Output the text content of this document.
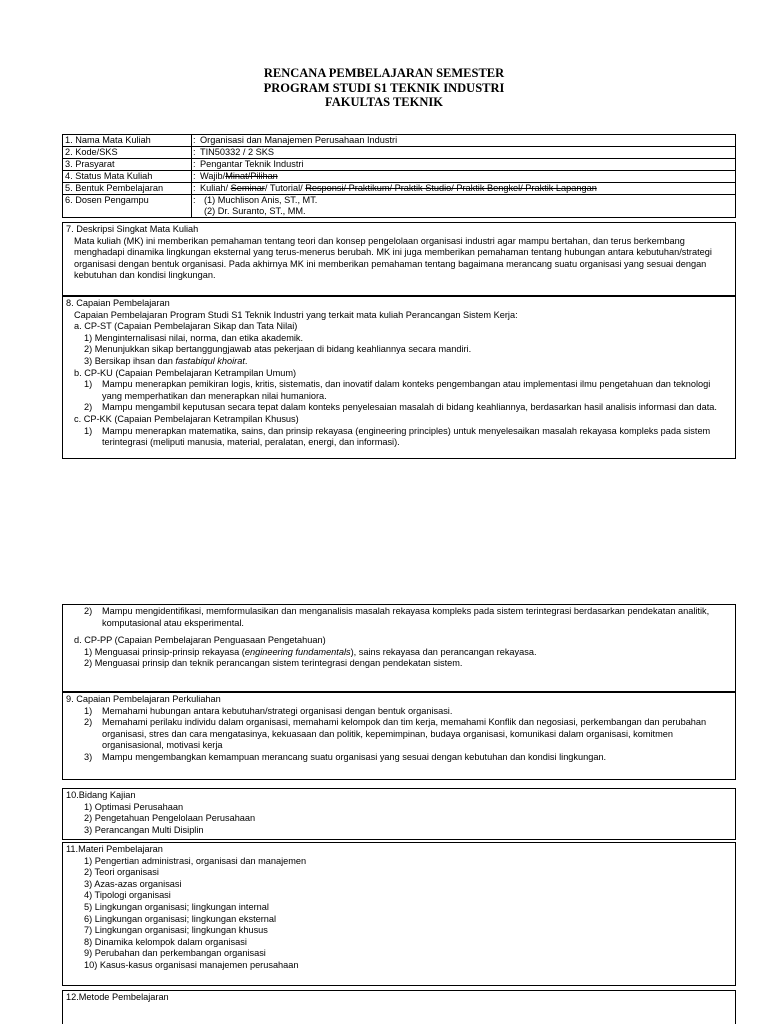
RENCANA PEMBELAJARAN SEMESTER
PROGRAM STUDI S1 TEKNIK INDUSTRI
FAKULTAS TEKNIK
1. Nama Mata Kuliah	:	Organisasi dan Manajemen Perusahaan Industri
2. Kode/SKS	:	TIN50332 / 2 SKS
3. Prasyarat	:	Pengantar Teknik Industri
4. Status Mata Kuliah	:	Wajib/Minat/Pilihan
5. Bentuk Pembelajaran	:	Kuliah/ Seminar/ Tutorial/ Responsi/ Praktikum/ Praktik Studio/ Praktik Bengkel/ Praktik Lapangan
6. Dosen Pengampu	:	(1) Muchlison Anis, ST., MT.
(2) Dr. Suranto, ST., MM.
7. Deskripsi Singkat Mata Kuliah
Mata kuliah (MK) ini memberikan pemahaman tentang teori dan konsep pengelolaan organisasi industri agar mampu bertahan, dan terus berkembang menghadapi dinamika lingkungan eksternal yang terus-menerus berubah. MK ini juga memberikan pemahaman tentang hubungan antara kebutuhan/strategi organisasi dengan bentuk organisasi. Pada akhirnya MK ini memberikan pemahaman tentang bagaimana merancang suatu organisasi yang sesuai dengan kebutuhan dan kondisi lingkungan.
8. Capaian Pembelajaran
Capaian Pembelajaran Program Studi S1 Teknik Industri yang terkait mata kuliah Perancangan Sistem Kerja:
a. CP-ST (Capaian Pembelajaran Sikap dan Tata Nilai)
1) Menginternalisasi nilai, norma, dan etika akademik.
2) Menunjukkan sikap bertanggungjawab atas pekerjaan di bidang keahliannya secara mandiri.
3) Bersikap ihsan dan fastabiqul khoirat.
b. CP-KU (Capaian Pembelajaran Ketrampilan Umum)
1)	Mampu menerapkan pemikiran logis, kritis, sistematis, dan inovatif dalam konteks pengembangan atau implementasi ilmu pengetahuan dan teknologi yang memperhatikan dan menerapkan nilai humaniora.
2)	Mampu mengambil keputusan secara tepat dalam konteks penyelesaian masalah di bidang keahliannya, berdasarkan hasil analisis informasi dan data.
c. CP-KK (Capaian Pembelajaran Ketrampilan Khusus)
1)	Mampu menerapkan matematika, sains, dan prinsip rekayasa (engineering principles) untuk menyelesaikan masalah rekayasa kompleks pada sistem terintegrasi (meliputi manusia, material, peralatan, energi, dan informasi).
2)	Mampu mengidentifikasi, memformulasikan dan menganalisis masalah rekayasa kompleks pada sistem terintegrasi berdasarkan pendekatan analitik, komputasional atau eksperimental.
d. CP-PP (Capaian Pembelajaran Penguasaan Pengetahuan)
1) Menguasai prinsip-prinsip rekayasa (engineering fundamentals), sains rekayasa dan perancangan rekayasa.
2) Menguasai prinsip dan teknik perancangan sistem terintegrasi dengan pendekatan sistem.
9. Capaian Pembelajaran Perkuliahan
1)	Memahami hubungan antara kebutuhan/strategi organisasi dengan bentuk organisasi.
2)	Memahami perilaku individu dalam organisasi, memahami kelompok dan tim kerja, memahami Konflik dan negosiasi, perkembangan dan perubahan organisasi, stres dan cara mengatasinya, kekuasaan dan politik, kepemimpinan, budaya organisasi, komunikasi dalam organisasi, komitmen organisasional, motivasi kerja
3)	Mampu mengembangkan kemampuan merancang suatu organisasi yang sesuai dengan kebutuhan dan kondisi lingkungan.
10.Bidang Kajian
1) Optimasi Perusahaan
2) Pengetahuan Pengelolaan Perusahaan
3) Perancangan Multi Disiplin
11.Materi Pembelajaran
1) Pengertian administrasi, organisasi dan manajemen
2) Teori organisasi
3) Azas-azas organisasi
4) Tipologi organisasi
5) Lingkungan organisasi; lingkungan internal
6) Lingkungan organisasi; lingkungan eksternal
7) Lingkungan organisasi; lingkungan khusus
8) Dinamika kelompok dalam organisasi
9) Perubahan dan perkembangan organisasi
10) Kasus-kasus organisasi manajemen perusahaan
12.Metode Pembelajaran
